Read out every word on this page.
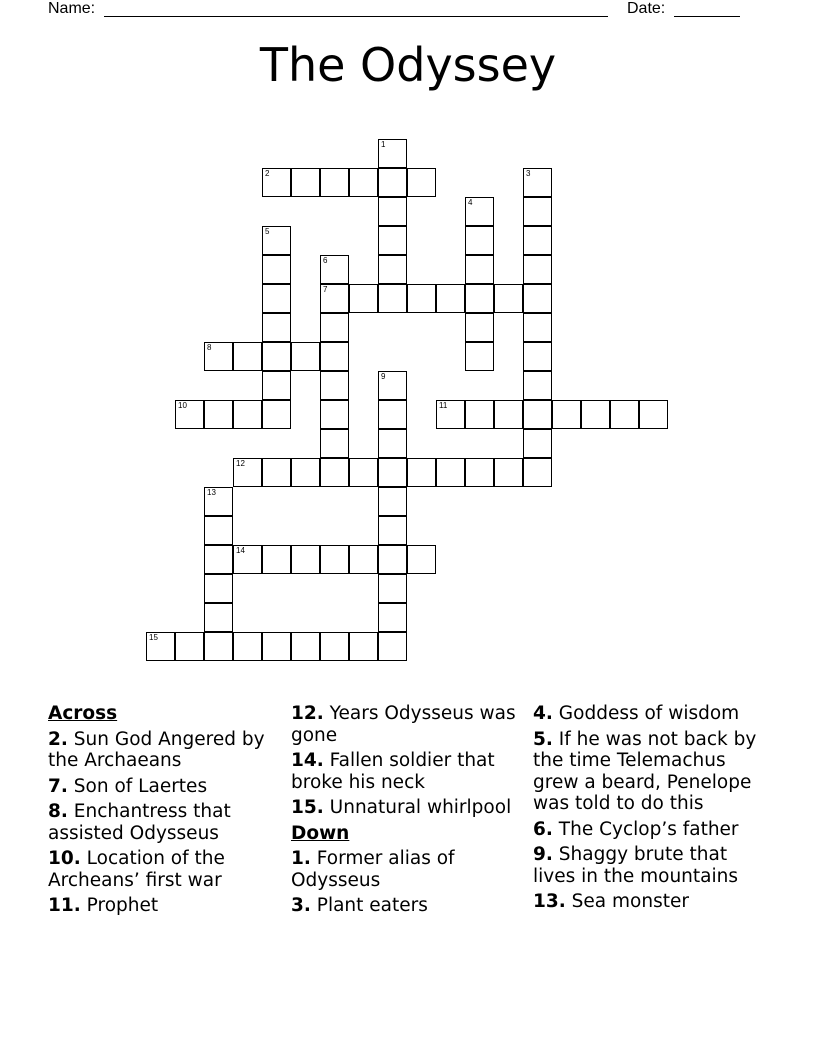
Name:	Date:
The Odyssey
1
2	3
4
5
6
7
8
9
10	11
12
13
14
15
Across
2. Sun God Angered by the Archaeans
7. Son of Laertes
8. Enchantress that assisted Odysseus
10. Location of the Archeans’ first war
11. Prophet
12. Years Odysseus was gone
14. Fallen soldier that broke his neck
15. Unnatural whirlpool
Down
1. Former alias of Odysseus
3. Plant eaters
4. Goddess of wisdom
5. If he was not back by the time Telemachus grew a beard, Penelope was told to do this
6. The Cyclop’s father
9. Shaggy brute that lives in the mountains
13. Sea monster
